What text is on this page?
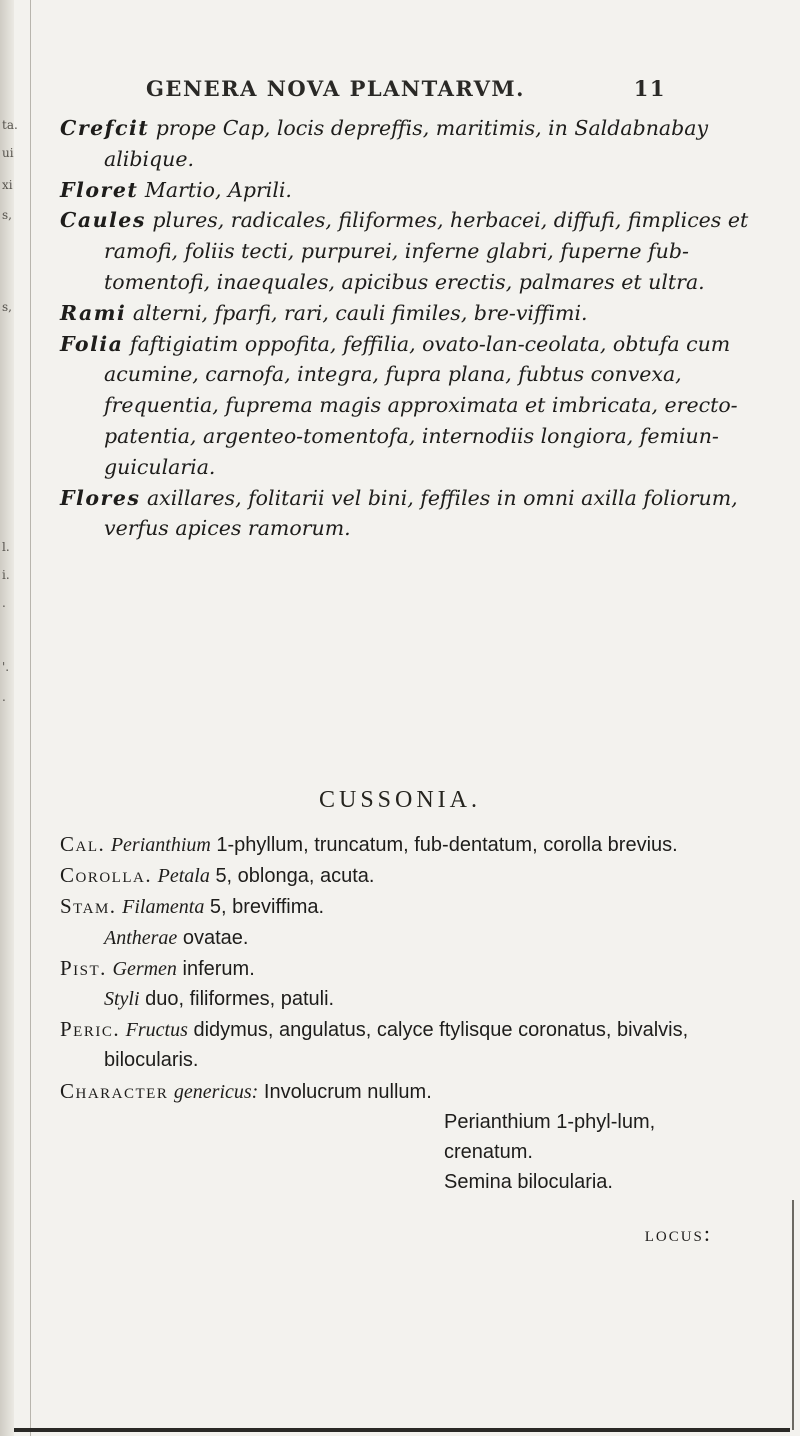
ta.
ui
xi
s,
s,
l.
i.
.
'.
.
GENERA NOVA PLANTARVM.	11

Crefcit prope Cap, locis depreffis, maritimis, in Saldabnabay alibique.

Floret Martio, Aprili.

Caules plures, radicales, filiformes, herbacei, diffufi, fimplices et ramofi, foliis tecti, purpurei, inferne glabri, fuperne fub-tomentofi, inaequales, apicibus erectis, palmares et ultra.

Rami alterni, fparfi, rari, cauli fimiles, bre-viffimi.

Folia faftigiatim oppofita, feffilia, ovato-lan-ceolata, obtufa cum acumine, carnofa, integra, fupra plana, fubtus convexa, frequentia, fuprema magis approximata et imbricata, erecto-patentia, argenteo-tomentofa, internodiis longiora, femiun-guicularia.

Flores axillares, folitarii vel bini, feffiles in omni axilla foliorum, verfus apices ramorum.

CUSSONIA.

Cal. Perianthium 1-phyllum, truncatum, fub-dentatum, corolla brevius.

Corolla. Petala 5, oblonga, acuta.

Stam. Filamenta 5, breviffima.

Antherae ovatae.

Pist. Germen inferum.

Styli duo, filiformes, patuli.

Peric. Fructus didymus, angulatus, calyce ftylisque coronatus, bivalvis, bilocularis.

Character genericus: Involucrum nullum.

Perianthium 1-phyl-lum, crenatum.

Semina bilocularia.

locus:
